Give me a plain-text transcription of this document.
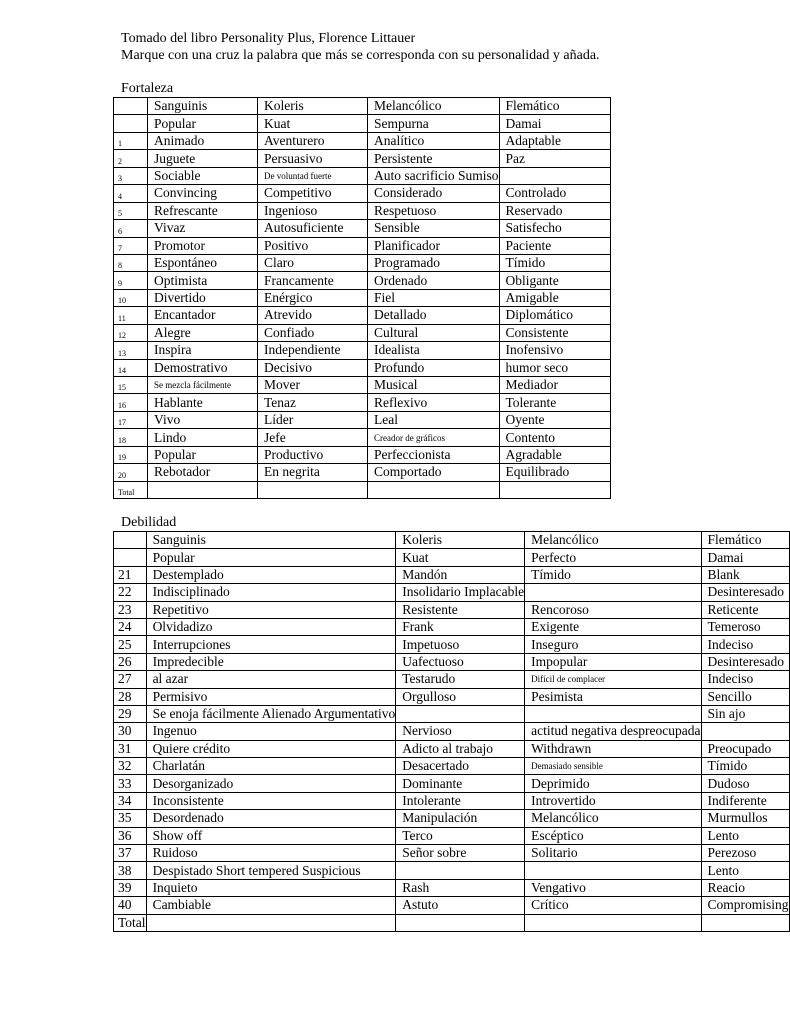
Tomado del libro Personality Plus, Florence Littauer
Marque con una cruz la palabra que más se corresponda con su personalidad y añada.
Fortaleza
	Sanguinis	Koleris	Melancólico	Flemático
	Popular	Kuat	Sempurna	Damai
1	Animado	Aventurero	Analítico	Adaptable
2	Juguete	Persuasivo	Persistente	Paz
3	Sociable	De voluntad fuerte	Auto sacrificio Sumiso	
4	Convincing	Competitivo	Considerado	Controlado
5	Refrescante	Ingenioso	Respetuoso	Reservado
6	Vivaz	Autosuficiente	Sensible	Satisfecho
7	Promotor	Positivo	Planificador	Paciente
8	Espontáneo	Claro	Programado	Tímido
9	Optimista	Francamente	Ordenado	Obligante
10	Divertido	Enérgico	Fiel	Amigable
11	Encantador	Atrevido	Detallado	Diplomático
12	Alegre	Confiado	Cultural	Consistente
13	Inspira	Independiente	Idealista	Inofensivo
14	Demostrativo	Decisivo	Profundo	humor seco
15	Se mezcla fácilmente	Mover	Musical	Mediador
16	Hablante	Tenaz	Reflexivo	Tolerante
17	Vivo	Líder	Leal	Oyente
18	Lindo	Jefe	Creador de gráficos	Contento
19	Popular	Productivo	Perfeccionista	Agradable
20	Rebotador	En negrita	Comportado	Equilibrado
Total				
Debilidad
	Sanguinis	Koleris	Melancólico	Flemático
	Popular	Kuat	Perfecto	Damai
21	Destemplado	Mandón	Tímido	Blank
22	Indisciplinado	Insolidario Implacable		Desinteresado
23	Repetitivo	Resistente	Rencoroso	Reticente
24	Olvidadizo	Frank	Exigente	Temeroso
25	Interrupciones	Impetuoso	Inseguro	Indeciso
26	Impredecible	Uafectuoso	Impopular	Desinteresado
27	al azar	Testarudo	Difícil de complacer	Indeciso
28	Permisivo	Orgulloso	Pesimista	Sencillo
29	Se enoja fácilmente Alienado Argumentativo			Sin ajo
30	Ingenuo	Nervioso	actitud negativa despreocupada	
31	Quiere crédito	Adicto al trabajo	Withdrawn	Preocupado
32	Charlatán	Desacertado	Demasiado sensible	Tímido
33	Desorganizado	Dominante	Deprimido	Dudoso
34	Inconsistente	Intolerante	Introvertido	Indiferente
35	Desordenado	Manipulación	Melancólico	Murmullos
36	Show off	Terco	Escéptico	Lento
37	Ruidoso	Señor sobre	Solitario	Perezoso
38	Despistado Short tempered Suspicious			Lento
39	Inquieto	Rash	Vengativo	Reacio
40	Cambiable	Astuto	Crítico	Compromising
Total				
